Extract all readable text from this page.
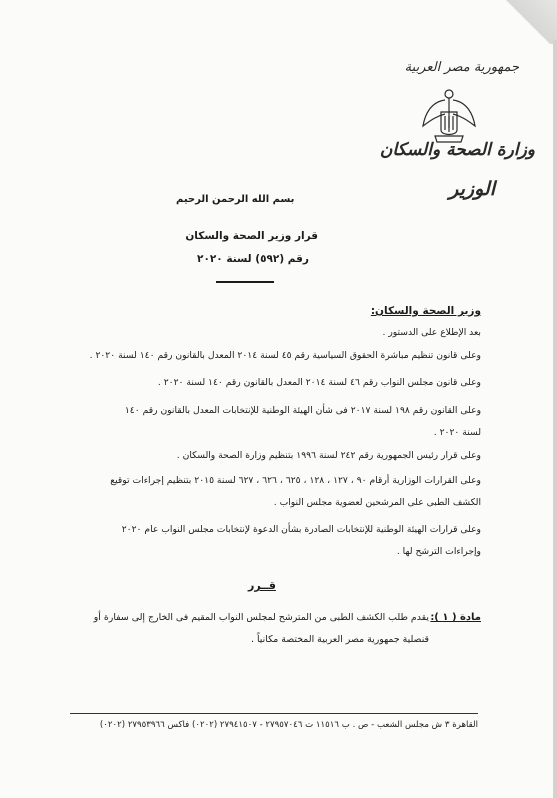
جمهورية مصر العربية
وزارة الصحة والسكان
الوزير
بسم الله الرحمن الرحيم
قرار وزير الصحة والسكان
رقم (٥٩٢) لسنة ٢٠٢٠
وزير الصحة والسكان:
بعد الإطلاع على الدستور .
وعلى قانون تنظيم مباشرة الحقوق السياسية رقم ٤٥ لسنة ٢٠١٤ المعدل بالقانون رقم ١٤٠ لسنة ٢٠٢٠ .
وعلى قانون مجلس النواب رقم ٤٦ لسنة ٢٠١٤ المعدل بالقانون رقم ١٤٠ لسنة ٢٠٢٠ .
وعلى القانون رقم ١٩٨ لسنة ٢٠١٧ فى شأن الهيئة الوطنية للإنتخابات المعدل بالقانون رقم ١٤٠
لسنة ٢٠٢٠ .
وعلى قرار رئيس الجمهورية رقم ٢٤٢ لسنة ١٩٩٦ بتنظيم وزارة الصحة والسكان .
وعلى القرارات الوزارية أرقام ٩٠ ، ١٢٧ ، ١٢٨ ، ٦٢٥ ، ٦٢٦ ، ٦٢٧ لسنة ٢٠١٥ بتنظيم إجراءات توقيع
الكشف الطبى على المرشحين لعضوية مجلس النواب .
وعلى قرارات الهيئة الوطنية للإنتخابات الصادرة بشأن الدعوة لإنتخابات مجلس النواب عام ٢٠٢٠
وإجراءات الترشح لها .
قــرر
مادة ( ١ ):
يقدم طلب الكشف الطبى من المترشح لمجلس النواب المقيم فى الخارج إلى سفارة أو
قنصلية جمهورية مصر العربية المختصة مكانياً .
القاهرة ٣ ش مجلس الشعب - ص . ب ١١٥١٦ ت ٢٧٩٥٧٠٤٦ - ٢٧٩٤١٥٠٧ (٠٢٠٢) فاكس ٢٧٩٥٣٩٦٦ (٠٢٠٢)
